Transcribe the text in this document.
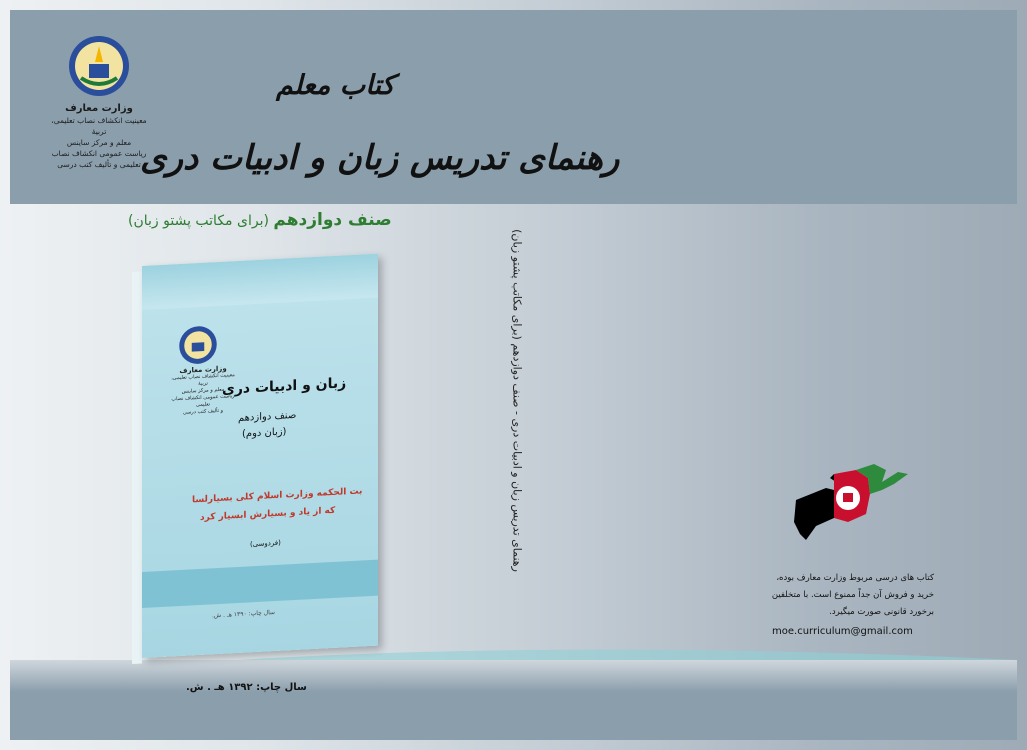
وزارت معارف
معینیت انکشاف نصاب تعلیمی، تربیهٔ
معلم و مرکز ساینس
ریاست عمومی انکشاف نصاب
تعلیمی و تألیف کتب درسی
کتاب معلم
رهنمای تدریس زبان و ادبیات دری
صنف دوازدهم (برای مکاتب پشتو زبان)
وزارت معارف
معینیت انکشاف نصاب تعلیمی، تربیهٔ
معلم و مرکز ساینس
ریاست عمومی انکشاف نصاب تعلیمی
و تألیف کتب درسی
زبان و ادبیات دری
صنف دوازدهم
(زبان دوم)
بت الحکمه وزارت اسلام کلی بسیارلسا
که از یاد و بسیارش ابسیار کرد
(فردوسی)
سال چاپ: ۱۳۹۰ هـ . ش.
رهنمای تدریس زبان و ادبیات دری - صنف دوازدهم (برای مکاتب پشتو زبان)
کتاب های درسی مربوط وزارت معارف بوده،
خرید و فروش آن جداً ممنوع است. با متخلفین
برخورد قانونی صورت میگیرد.
moe.curriculum@gmail.com
سال چاپ: ۱۳۹۲ هـ . ش.
